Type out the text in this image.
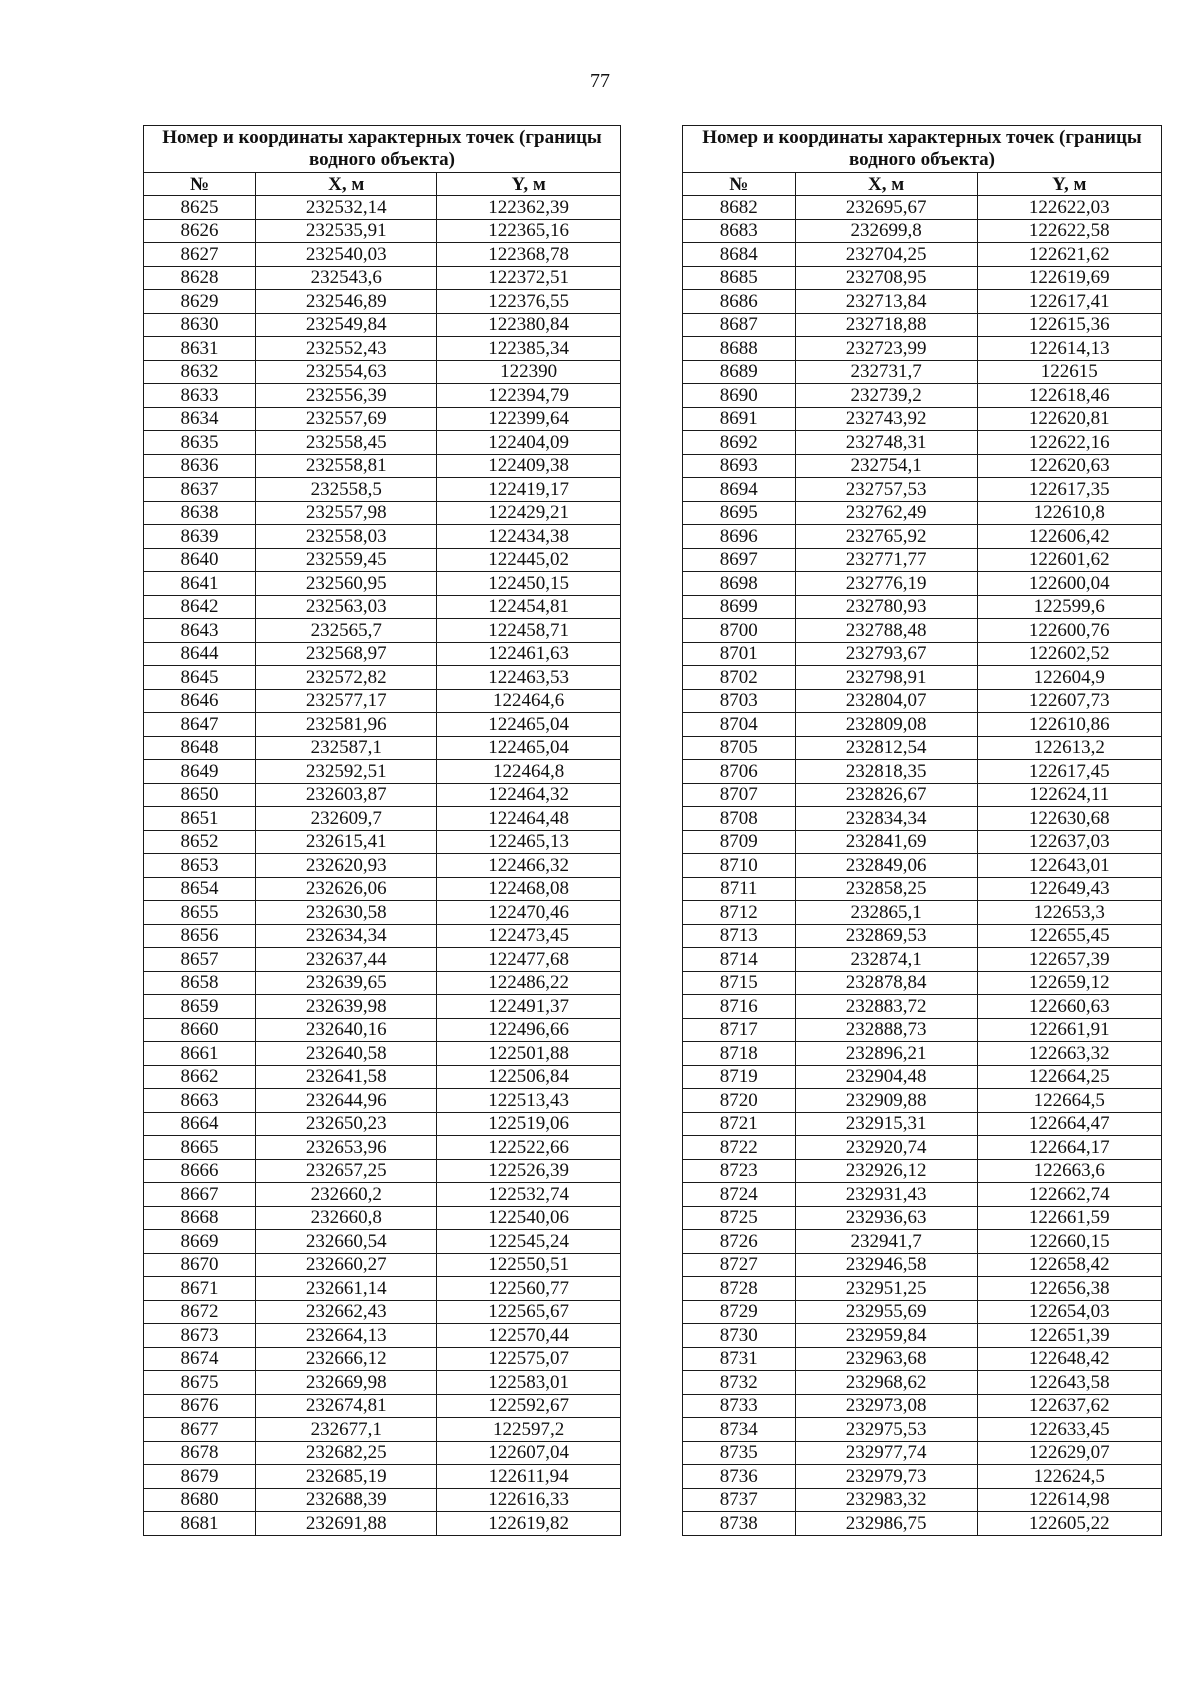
77
Номер и координаты характерных точек (границы водного объекта)		
№	X, м	Y, м
8625	232532,14	122362,39
8626	232535,91	122365,16
8627	232540,03	122368,78
8628	232543,6	122372,51
8629	232546,89	122376,55
8630	232549,84	122380,84
8631	232552,43	122385,34
8632	232554,63	122390
8633	232556,39	122394,79
8634	232557,69	122399,64
8635	232558,45	122404,09
8636	232558,81	122409,38
8637	232558,5	122419,17
8638	232557,98	122429,21
8639	232558,03	122434,38
8640	232559,45	122445,02
8641	232560,95	122450,15
8642	232563,03	122454,81
8643	232565,7	122458,71
8644	232568,97	122461,63
8645	232572,82	122463,53
8646	232577,17	122464,6
8647	232581,96	122465,04
8648	232587,1	122465,04
8649	232592,51	122464,8
8650	232603,87	122464,32
8651	232609,7	122464,48
8652	232615,41	122465,13
8653	232620,93	122466,32
8654	232626,06	122468,08
8655	232630,58	122470,46
8656	232634,34	122473,45
8657	232637,44	122477,68
8658	232639,65	122486,22
8659	232639,98	122491,37
8660	232640,16	122496,66
8661	232640,58	122501,88
8662	232641,58	122506,84
8663	232644,96	122513,43
8664	232650,23	122519,06
8665	232653,96	122522,66
8666	232657,25	122526,39
8667	232660,2	122532,74
8668	232660,8	122540,06
8669	232660,54	122545,24
8670	232660,27	122550,51
8671	232661,14	122560,77
8672	232662,43	122565,67
8673	232664,13	122570,44
8674	232666,12	122575,07
8675	232669,98	122583,01
8676	232674,81	122592,67
8677	232677,1	122597,2
8678	232682,25	122607,04
8679	232685,19	122611,94
8680	232688,39	122616,33
8681	232691,88	122619,82
Номер и координаты характерных точек (границы водного объекта)		
№	X, м	Y, м
8682	232695,67	122622,03
8683	232699,8	122622,58
8684	232704,25	122621,62
8685	232708,95	122619,69
8686	232713,84	122617,41
8687	232718,88	122615,36
8688	232723,99	122614,13
8689	232731,7	122615
8690	232739,2	122618,46
8691	232743,92	122620,81
8692	232748,31	122622,16
8693	232754,1	122620,63
8694	232757,53	122617,35
8695	232762,49	122610,8
8696	232765,92	122606,42
8697	232771,77	122601,62
8698	232776,19	122600,04
8699	232780,93	122599,6
8700	232788,48	122600,76
8701	232793,67	122602,52
8702	232798,91	122604,9
8703	232804,07	122607,73
8704	232809,08	122610,86
8705	232812,54	122613,2
8706	232818,35	122617,45
8707	232826,67	122624,11
8708	232834,34	122630,68
8709	232841,69	122637,03
8710	232849,06	122643,01
8711	232858,25	122649,43
8712	232865,1	122653,3
8713	232869,53	122655,45
8714	232874,1	122657,39
8715	232878,84	122659,12
8716	232883,72	122660,63
8717	232888,73	122661,91
8718	232896,21	122663,32
8719	232904,48	122664,25
8720	232909,88	122664,5
8721	232915,31	122664,47
8722	232920,74	122664,17
8723	232926,12	122663,6
8724	232931,43	122662,74
8725	232936,63	122661,59
8726	232941,7	122660,15
8727	232946,58	122658,42
8728	232951,25	122656,38
8729	232955,69	122654,03
8730	232959,84	122651,39
8731	232963,68	122648,42
8732	232968,62	122643,58
8733	232973,08	122637,62
8734	232975,53	122633,45
8735	232977,74	122629,07
8736	232979,73	122624,5
8737	232983,32	122614,98
8738	232986,75	122605,22
